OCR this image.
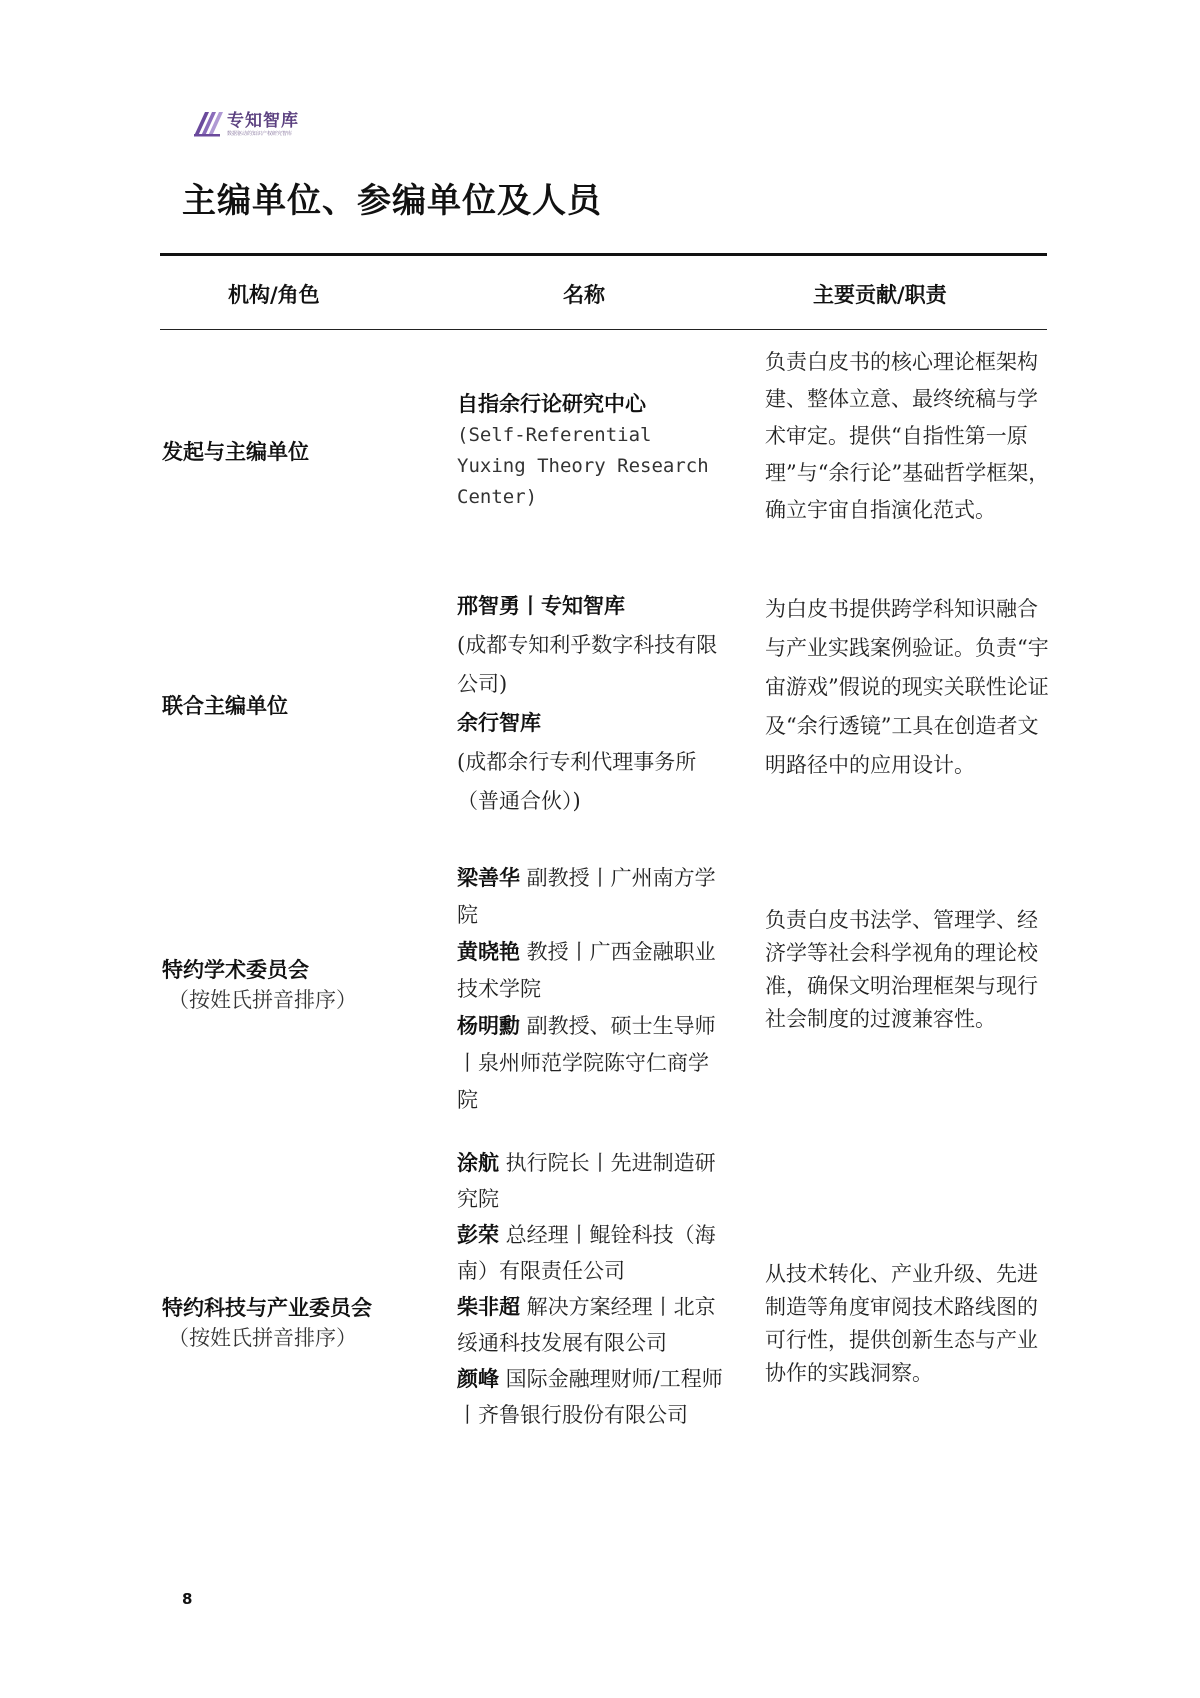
专知智库
数据驱动的知识产权研究智库
主编单位、参编单位及人员
机构/角色	名称	主要贡献/职责
发起与主编单位

自指余行论研究中心

(Self-Referential Yuxing Theory Research Center)

负责白皮书的核心理论框架构建、整体立意、最终统稿与学术审定。提供“自指性第一原理”与“余行论”基础哲学框架，确立宇宙自指演化范式。

联合主编单位

邢智勇丨专知智库

(成都专知利乎数字科技有限公司)

余行智库

(成都余行专利代理事务所（普通合伙）)

为白皮书提供跨学科知识融合与产业实践案例验证。负责“宇宙游戏”假说的现实关联性论证及“余行透镜”工具在创造者文明路径中的应用设计。

特约学术委员会
（按姓氏拼音排序）

梁善华 副教授丨广州南方学院

黄晓艳 教授丨广西金融职业技术学院

杨明勳 副教授、硕士生导师丨泉州师范学院陈守仁商学院

负责白皮书法学、管理学、经济学等社会科学视角的理论校准，确保文明治理框架与现行社会制度的过渡兼容性。

特约科技与产业委员会
（按姓氏拼音排序）

涂航 执行院长丨先进制造研究院

彭荣 总经理丨鲲铨科技（海南）有限责任公司

柴非超 解决方案经理丨北京绥通科技发展有限公司

颜峰 国际金融理财师/工程师丨齐鲁银行股份有限公司

从技术转化、产业升级、先进制造等角度审阅技术路线图的可行性，提供创新生态与产业协作的实践洞察。

8
